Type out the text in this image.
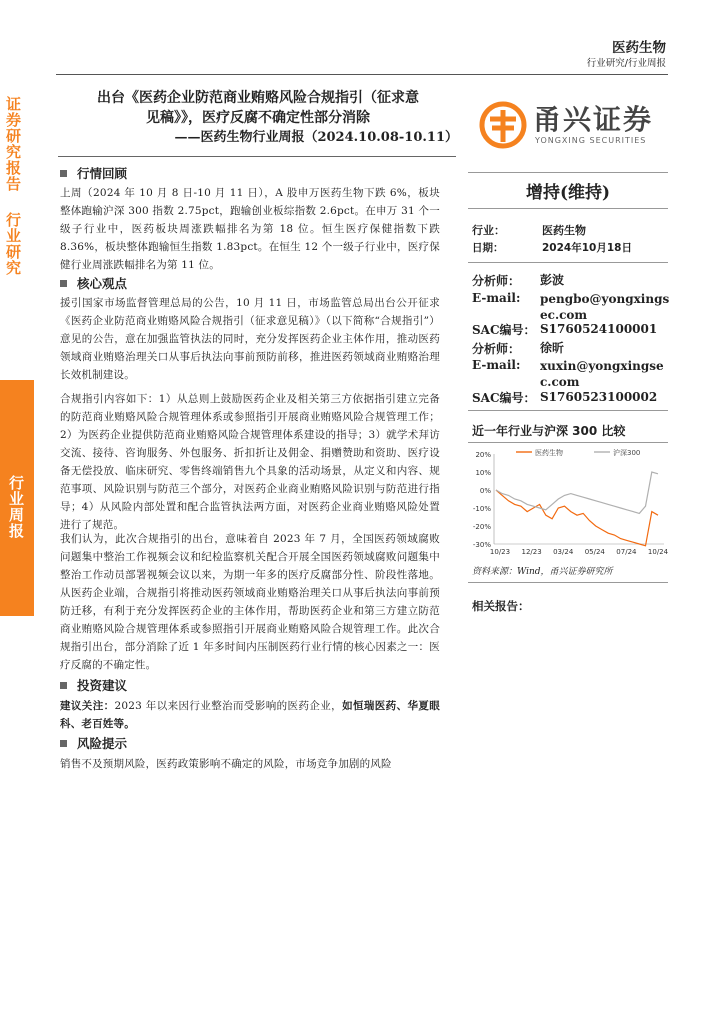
医药生物
行业研究/行业周报
证券研究报告
行业研究
行业周报
出台《医药企业防范商业贿赂风险合规指引（征求意
见稿》》，医疗反腐不确定性部分消除
——医药生物行业周报（2024.10.08-10.11）
甬兴证券
YONGXING SECURITIES
增持(维持)
行业：	医药生物
日期：	2024年10月18日
分析师： 彭波
E-mail: pengbo@yongxingsec.com
SAC编号： S1760524100001
分析师： 徐昕
E-mail: xuxin@yongxingsec.com
SAC编号： S1760523100002
近一年行业与沪深 300 比较
20%
10%
0%
-10%
-20%
-30%
10/23 12/23 03/24 05/24 07/24 10/24
医药生物	沪深300
资料来源：Wind，甬兴证券研究所
相关报告：
行情回顾
上周（2024 年 10 月 8 日-10 月 11 日），A 股申万医药生物下跌 6%，板块整体跑输沪深 300 指数 2.75pct，跑输创业板综指数 2.6pct。在申万 31 个一级子行业中，医药板块周涨跌幅排名为第 18 位。恒生医疗保健指数下跌 8.36%，板块整体跑输恒生指数 1.83pct。在恒生 12 个一级子行业中，医疗保健行业周涨跌幅排名为第 11 位。
核心观点
援引国家市场监督管理总局的公告，10 月 11 日，市场监管总局出台公开征求《医药企业防范商业贿赂风险合规指引（征求意见稿）》（以下简称“合规指引”）意见的公告，意在加强监管执法的同时，充分发挥医药企业主体作用，推动医药领域商业贿赂治理关口从事后执法向事前预防前移，推进医药领域商业贿赂治理长效机制建设。
合规指引内容如下：1）从总则上鼓励医药企业及相关第三方依据指引建立完备的防范商业贿赂风险合规管理体系或参照指引开展商业贿赂风险合规管理工作；2）为医药企业提供防范商业贿赂风险合规管理体系建设的指导；3）就学术拜访交流、接待、咨询服务、外包服务、折扣折让及佣金、捐赠赞助和资助、医疗设备无偿投放、临床研究、零售终端销售九个具象的活动场景，从定义和内容、规范事项、风险识别与防范三个部分，对医药企业商业贿赂风险识别与防范进行指导；4）从风险内部处置和配合监管执法两方面，对医药企业商业贿赂风险处置进行了规范。
我们认为，此次合规指引的出台，意味着自 2023 年 7 月，全国医药领域腐败问题集中整治工作视频会议和纪检监察机关配合开展全国医药领域腐败问题集中整治工作动员部署视频会议以来，为期一年多的医疗反腐部分性、阶段性落地。从医药企业端，合规指引将推动医药领域商业贿赂治理关口从事后执法向事前预防迁移，有利于充分发挥医药企业的主体作用，帮助医药企业和第三方建立防范商业贿赂风险合规管理体系或参照指引开展商业贿赂风险合规管理工作。此次合规指引出台，部分消除了近 1 年多时间内压制医药行业行情的核心因素之一：医疗反腐的不确定性。
投资建议
建议关注：2023 年以来因行业整治而受影响的医药企业，如恒瑞医药、华夏眼科、老百姓等。
风险提示
销售不及预期风险，医药政策影响不确定的风险，市场竞争加剧的风险
